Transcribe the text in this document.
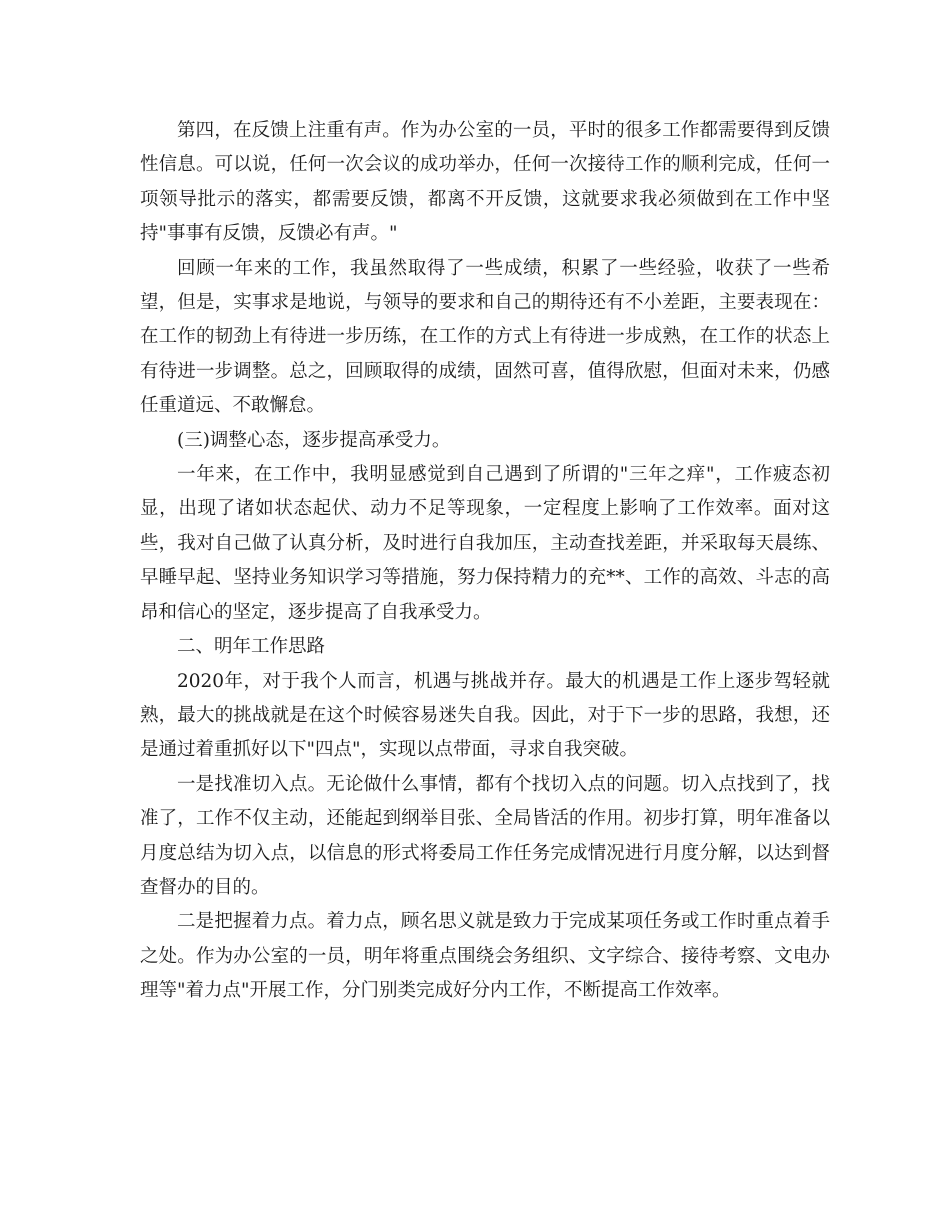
第四，在反馈上注重有声。作为办公室的一员，平时的很多工作都需要得到反馈性信息。可以说，任何一次会议的成功举办，任何一次接待工作的顺利完成，任何一项领导批示的落实，都需要反馈，都离不开反馈，这就要求我必须做到在工作中坚持"事事有反馈，反馈必有声。"

回顾一年来的工作，我虽然取得了一些成绩，积累了一些经验，收获了一些希望，但是，实事求是地说，与领导的要求和自己的期待还有不小差距，主要表现在：在工作的韧劲上有待进一步历练，在工作的方式上有待进一步成熟，在工作的状态上有待进一步调整。总之，回顾取得的成绩，固然可喜，值得欣慰，但面对未来，仍感任重道远、不敢懈怠。

(三)调整心态，逐步提高承受力。

一年来，在工作中，我明显感觉到自己遇到了所谓的"三年之痒"，工作疲态初显，出现了诸如状态起伏、动力不足等现象，一定程度上影响了工作效率。面对这些，我对自己做了认真分析，及时进行自我加压，主动查找差距，并采取每天晨练、早睡早起、坚持业务知识学习等措施，努力保持精力的充**、工作的高效、斗志的高昂和信心的坚定，逐步提高了自我承受力。

二、明年工作思路

2020年，对于我个人而言，机遇与挑战并存。最大的机遇是工作上逐步驾轻就熟，最大的挑战就是在这个时候容易迷失自我。因此，对于下一步的思路，我想，还是通过着重抓好以下"四点"，实现以点带面，寻求自我突破。

一是找准切入点。无论做什么事情，都有个找切入点的问题。切入点找到了，找准了，工作不仅主动，还能起到纲举目张、全局皆活的作用。初步打算，明年准备以月度总结为切入点，以信息的形式将委局工作任务完成情况进行月度分解，以达到督查督办的目的。

二是把握着力点。着力点，顾名思义就是致力于完成某项任务或工作时重点着手之处。作为办公室的一员，明年将重点围绕会务组织、文字综合、接待考察、文电办理等"着力点"开展工作，分门别类完成好分内工作，不断提高工作效率。
